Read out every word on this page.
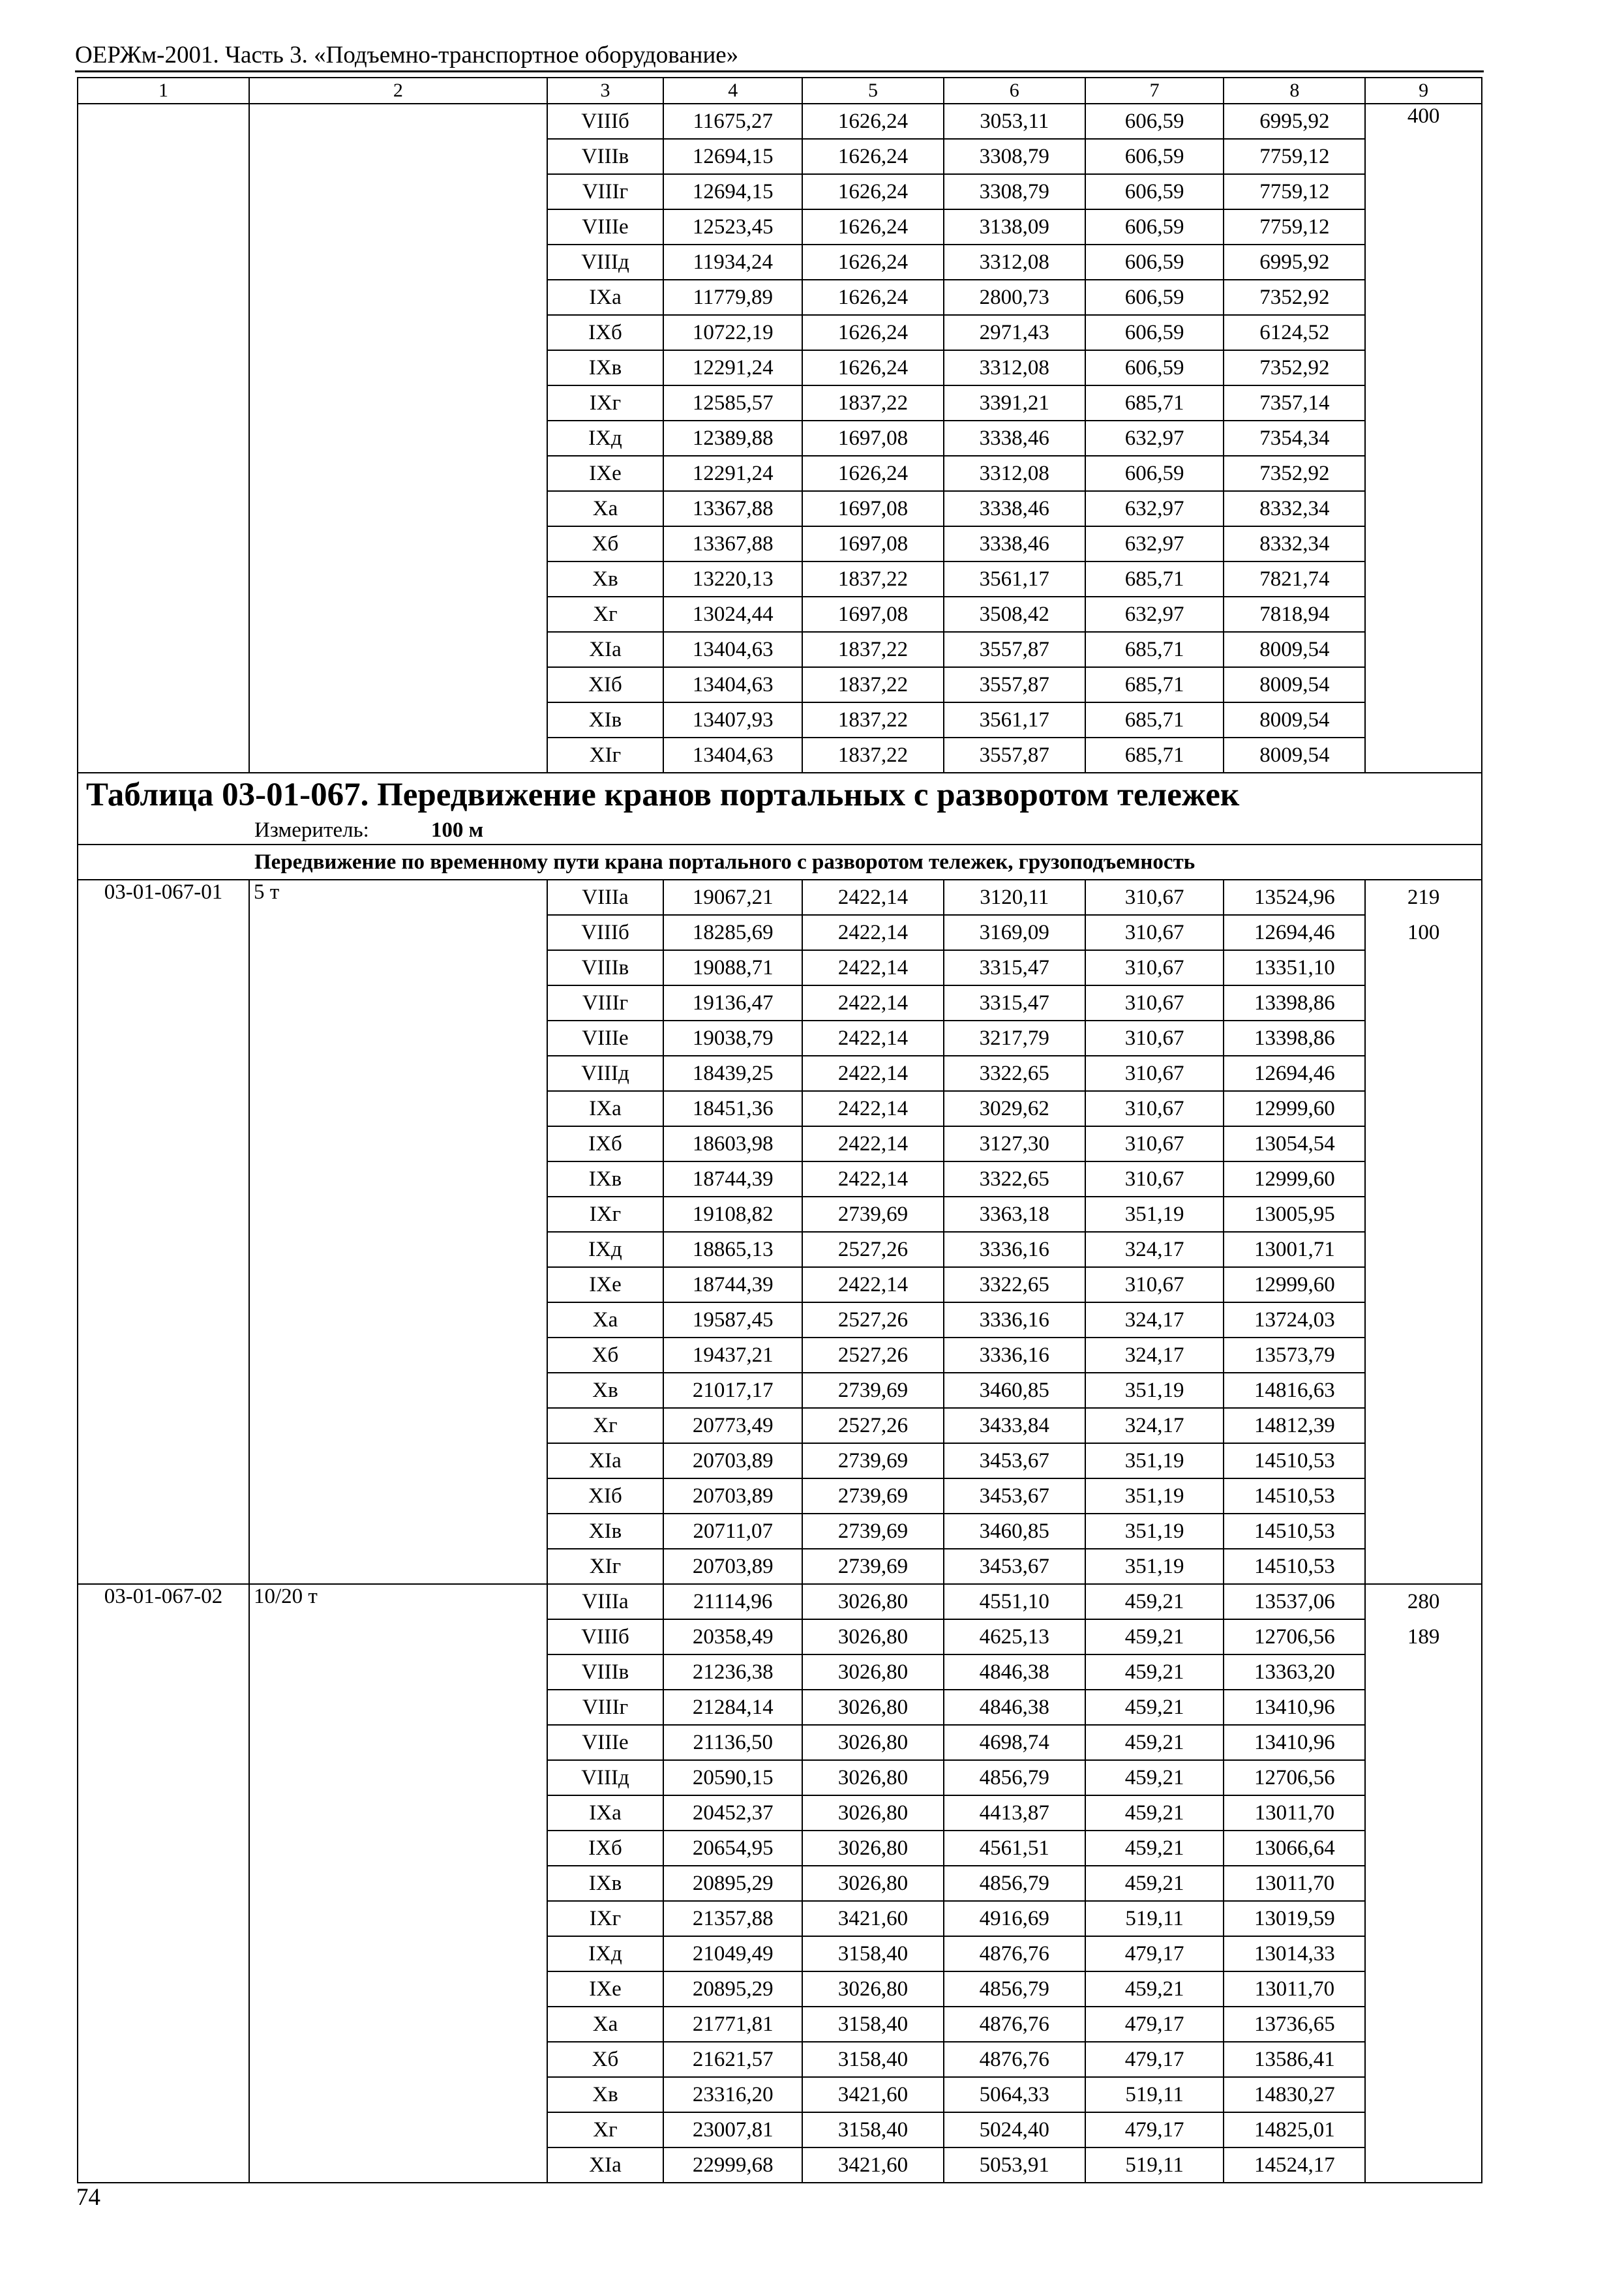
ОЕРЖм-2001. Часть 3. «Подъемно-транспортное оборудование»
1	2	3	4	5	6	7	8	9
		VIIIб	11675,27	1626,24	3053,11	606,59	6995,92	400
		VIIIв	12694,15	1626,24	3308,79	606,59	7759,12	
		VIIIг	12694,15	1626,24	3308,79	606,59	7759,12	
		VIIIе	12523,45	1626,24	3138,09	606,59	7759,12	
		VIIIд	11934,24	1626,24	3312,08	606,59	6995,92	
		IXа	11779,89	1626,24	2800,73	606,59	7352,92	
		IXб	10722,19	1626,24	2971,43	606,59	6124,52	
		IXв	12291,24	1626,24	3312,08	606,59	7352,92	
		IXг	12585,57	1837,22	3391,21	685,71	7357,14	
		IXд	12389,88	1697,08	3338,46	632,97	7354,34	
		IXе	12291,24	1626,24	3312,08	606,59	7352,92	
		Xа	13367,88	1697,08	3338,46	632,97	8332,34	
		Xб	13367,88	1697,08	3338,46	632,97	8332,34	
		Xв	13220,13	1837,22	3561,17	685,71	7821,74	
		Xг	13024,44	1697,08	3508,42	632,97	7818,94	
		XIа	13404,63	1837,22	3557,87	685,71	8009,54	
		XIб	13404,63	1837,22	3557,87	685,71	8009,54	
		XIв	13407,93	1837,22	3561,17	685,71	8009,54	
		XIг	13404,63	1837,22	3557,87	685,71	8009,54	

Таблица 03-01-067. Передвижение кранов портальных с разворотом тележек
Измеритель: 100 м								

Передвижение по временному пути крана портального с разворотом тележек, грузоподъемность								
03-01-067-01	5 т	VIIIа	19067,21	2422,14	3120,11	310,67	13524,96	219
		VIIIб	18285,69	2422,14	3169,09	310,67	12694,46	100
		VIIIв	19088,71	2422,14	3315,47	310,67	13351,10	
		VIIIг	19136,47	2422,14	3315,47	310,67	13398,86	
		VIIIе	19038,79	2422,14	3217,79	310,67	13398,86	
		VIIIд	18439,25	2422,14	3322,65	310,67	12694,46	
		IXа	18451,36	2422,14	3029,62	310,67	12999,60	
		IXб	18603,98	2422,14	3127,30	310,67	13054,54	
		IXв	18744,39	2422,14	3322,65	310,67	12999,60	
		IXг	19108,82	2739,69	3363,18	351,19	13005,95	
		IXд	18865,13	2527,26	3336,16	324,17	13001,71	
		IXе	18744,39	2422,14	3322,65	310,67	12999,60	
		Xа	19587,45	2527,26	3336,16	324,17	13724,03	
		Xб	19437,21	2527,26	3336,16	324,17	13573,79	
		Xв	21017,17	2739,69	3460,85	351,19	14816,63	
		Xг	20773,49	2527,26	3433,84	324,17	14812,39	
		XIа	20703,89	2739,69	3453,67	351,19	14510,53	
		XIб	20703,89	2739,69	3453,67	351,19	14510,53	
		XIв	20711,07	2739,69	3460,85	351,19	14510,53	
		XIг	20703,89	2739,69	3453,67	351,19	14510,53	
03-01-067-02	10/20 т	VIIIа	21114,96	3026,80	4551,10	459,21	13537,06	280
		VIIIб	20358,49	3026,80	4625,13	459,21	12706,56	189
		VIIIв	21236,38	3026,80	4846,38	459,21	13363,20	
		VIIIг	21284,14	3026,80	4846,38	459,21	13410,96	
		VIIIе	21136,50	3026,80	4698,74	459,21	13410,96	
		VIIIд	20590,15	3026,80	4856,79	459,21	12706,56	
		IXа	20452,37	3026,80	4413,87	459,21	13011,70	
		IXб	20654,95	3026,80	4561,51	459,21	13066,64	
		IXв	20895,29	3026,80	4856,79	459,21	13011,70	
		IXг	21357,88	3421,60	4916,69	519,11	13019,59	
		IXд	21049,49	3158,40	4876,76	479,17	13014,33	
		IXе	20895,29	3026,80	4856,79	459,21	13011,70	
		Xа	21771,81	3158,40	4876,76	479,17	13736,65	
		Xб	21621,57	3158,40	4876,76	479,17	13586,41	
		Xв	23316,20	3421,60	5064,33	519,11	14830,27	
		Xг	23007,81	3158,40	5024,40	479,17	14825,01	
		XIа	22999,68	3421,60	5053,91	519,11	14524,17	
74
